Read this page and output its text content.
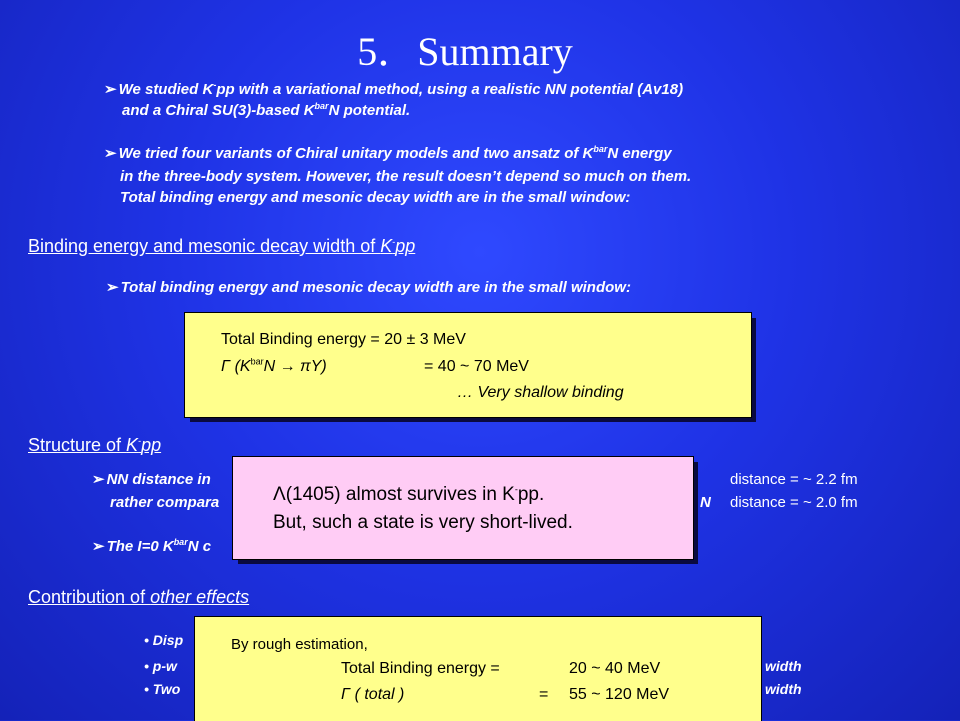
5．Summary
➢ We studied K-pp with a variational method, using a realistic NN potential (Av18)
and a Chiral SU(3)-based $K^{bar}N$ potential.
➢ We tried four variants of Chiral unitary models and two ansatz of $K^{bar}N$ energy
in the three-body system. However, the result doesn’t depend so much on them.
Total binding energy and mesonic decay width are in the small window:
Binding energy and mesonic decay width of K-pp
➢ Total binding energy and mesonic decay width are in the small window:
Total Binding energy = 20 ± 3 MeV
Γ $(K^{bar}N \to \pi Y)$	= 40 ~ 70 MeV
… Very shallow binding
Structure of K-pp
➢ NN distance in	distance = ~ 2.2 fm
rather compara	N distance = ~ 2.0 fm
➢ The I=0 $K^{bar}N$ c
Λ(1405) almost survives in K-pp.
But, such a state is very short-lived.
Contribution of other effects
• Disp
• p-w
• Two
width
width
By rough estimation,
Total Binding energy =	20 ~ 40 MeV
Γ ( total )	= 55 ~ 120 MeV
